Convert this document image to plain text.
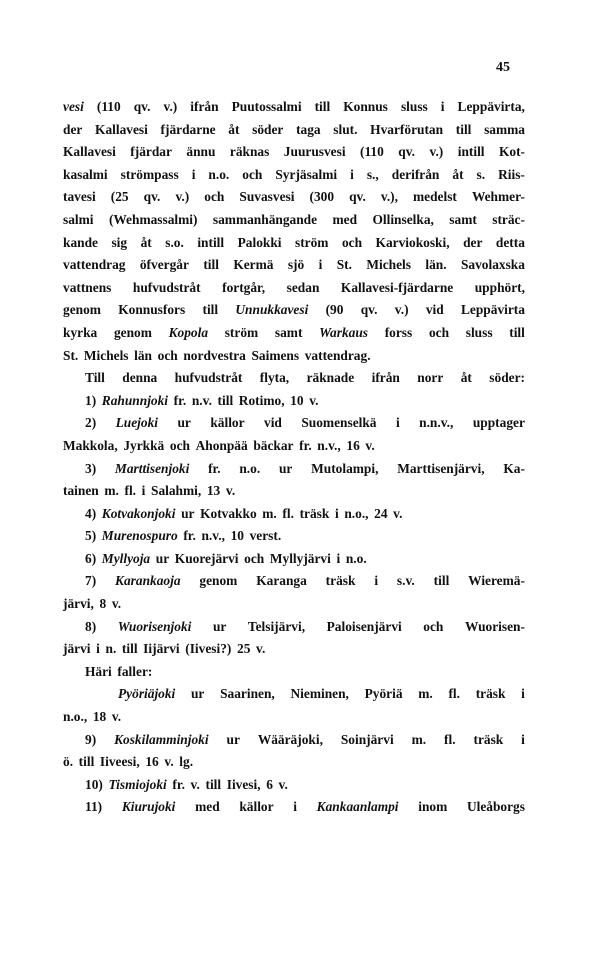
45
vesi (110 qv. v.) ifrån Puutossalmi till Konnus sluss i Leppävirta,
der Kallavesi fjärdarne åt söder taga slut. Hvarförutan till samma
Kallavesi fjärdar ännu räknas Juurusvesi (110 qv. v.) intill Kot-
kasalmi strömpass i n.o. och Syrjäsalmi i s., derifrån åt s. Riis-
tavesi (25 qv. v.) och Suvasvesi (300 qv. v.), medelst Wehmer-
salmi (Wehmassalmi) sammanhängande med Ollinselka, samt sträc-
kande sig åt s.o. intill Palokki ström och Karviokoski, der detta
vattendrag öfvergår till Kermä sjö i St. Michels län. Savolaxska
vattnens hufvudstråt fortgår, sedan Kallavesi-fjärdarne upphört,
genom Konnusfors till Unnukkavesi (90 qv. v.) vid Leppävirta
kyrka genom Kopola ström samt Warkaus forss och sluss till
St. Michels län och nordvestra Saimens vattendrag.
Till denna hufvudstråt flyta, räknade ifrån norr åt söder:
1) Rahunnjoki fr. n.v. till Rotimo, 10 v.
2) Luejoki ur källor vid Suomenselkä i n.n.v., upptager
Makkola, Jyrkkä och Ahonpää bäckar fr. n.v., 16 v.
3) Marttisenjoki fr. n.o. ur Mutolampi, Marttisenjärvi, Ka-
tainen m. fl. i Salahmi, 13 v.
4) Kotvakonjoki ur Kotvakko m. fl. träsk i n.o., 24 v.
5) Murenospuro fr. n.v., 10 verst.
6) Myllyoja ur Kuorejärvi och Myllyjärvi i n.o.
7) Karankaoja genom Karanga träsk i s.v. till Wieremä-
järvi, 8 v.
8) Wuorisenjoki ur Telsijärvi, Paloisenjärvi och Wuorisen-
järvi i n. till Iijärvi (Iivesi?) 25 v.
Häri faller:
Pyöriäjoki ur Saarinen, Nieminen, Pyöriä m. fl. träsk i
n.o., 18 v.
9) Koskilamminjoki ur Wääräjoki, Soinjärvi m. fl. träsk i
ö. till Iiveesi, 16 v. lg.
10) Tismiojoki fr. v. till Iivesi, 6 v.
11) Kiurujoki med källor i Kankaanlampi inom Uleåborgs
